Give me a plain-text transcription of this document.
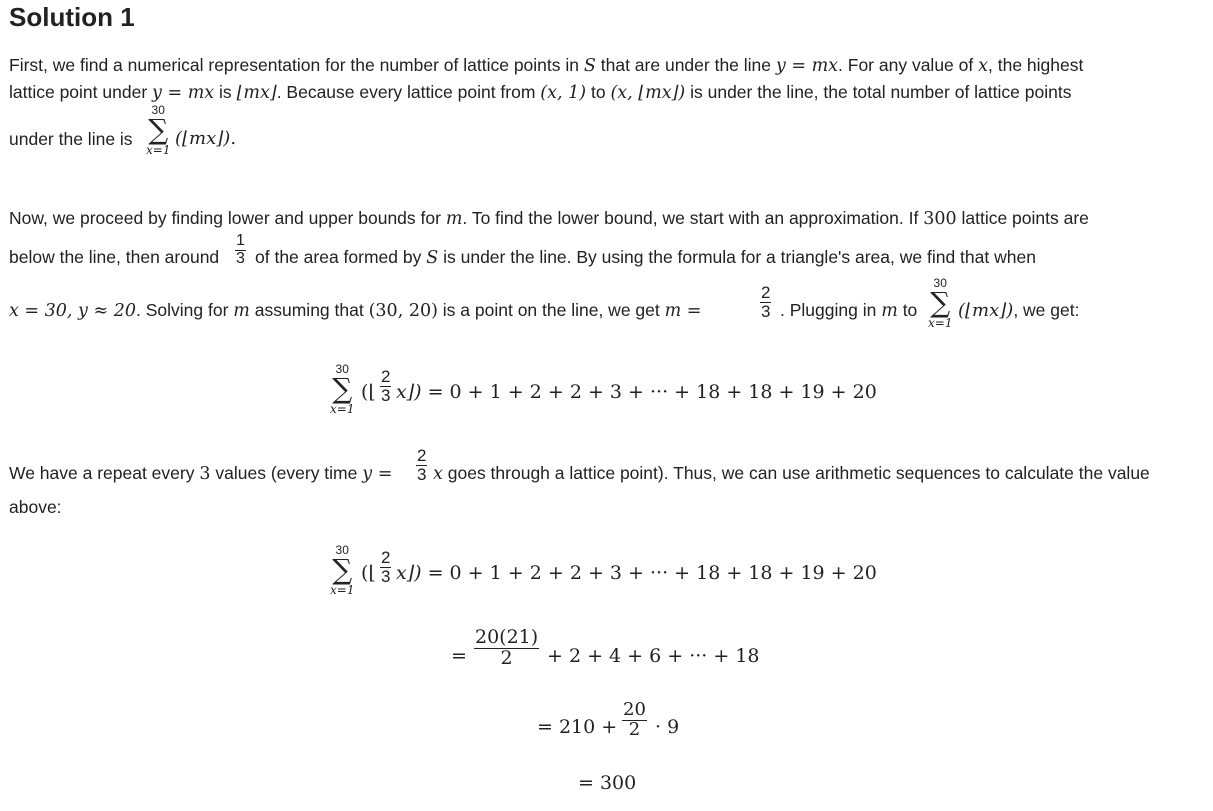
Solution 1
First, we find a numerical representation for the number of lattice points in S that are under the line y = mx. For any value of x, the highest
lattice point under y = mx is ⌊mx⌋. Because every lattice point from (x, 1) to (x, ⌊mx⌋) is under the line, the total number of lattice points
under the line is
30
∑
x=1
(⌊mx⌋).
Now, we proceed by finding lower and upper bounds for m. To find the lower bound, we start with an approximation. If 300 lattice points are
below the line, then around $\frac{1}{3}$ of the area formed by S is under the line. By using the formula for a triangle's area, we find that when
x = 30, y ≈ 20. Solving for m assuming that (30, 20) is a point on the line, we get m =	$\frac{2}{3}$ . Plugging in m to
30
∑
x=1
(⌊mx⌋), we get:
30
∑
x=1
(⌊ $\frac{2}{3}$ x⌋) = 0 + 1 + 2 + 2 + 3 + ··· + 18 + 18 + 19 + 20
We have a repeat every 3 values (every time $y = \frac{2}{3}$ x goes through a lattice point). Thus, we can use arithmetic sequences to calculate the value
above:
30
∑
x=1
(⌊ $\frac{2}{3}$ x⌋) = 0 + 1 + 2 + 2 + 3 + ··· + 18 + 18 + 19 + 20
= $\frac{20(21)}{2} + 2 + 4 + 6$ + ··· + 18
= $210 + \frac{20}{2} \cdot 9$
= 300
